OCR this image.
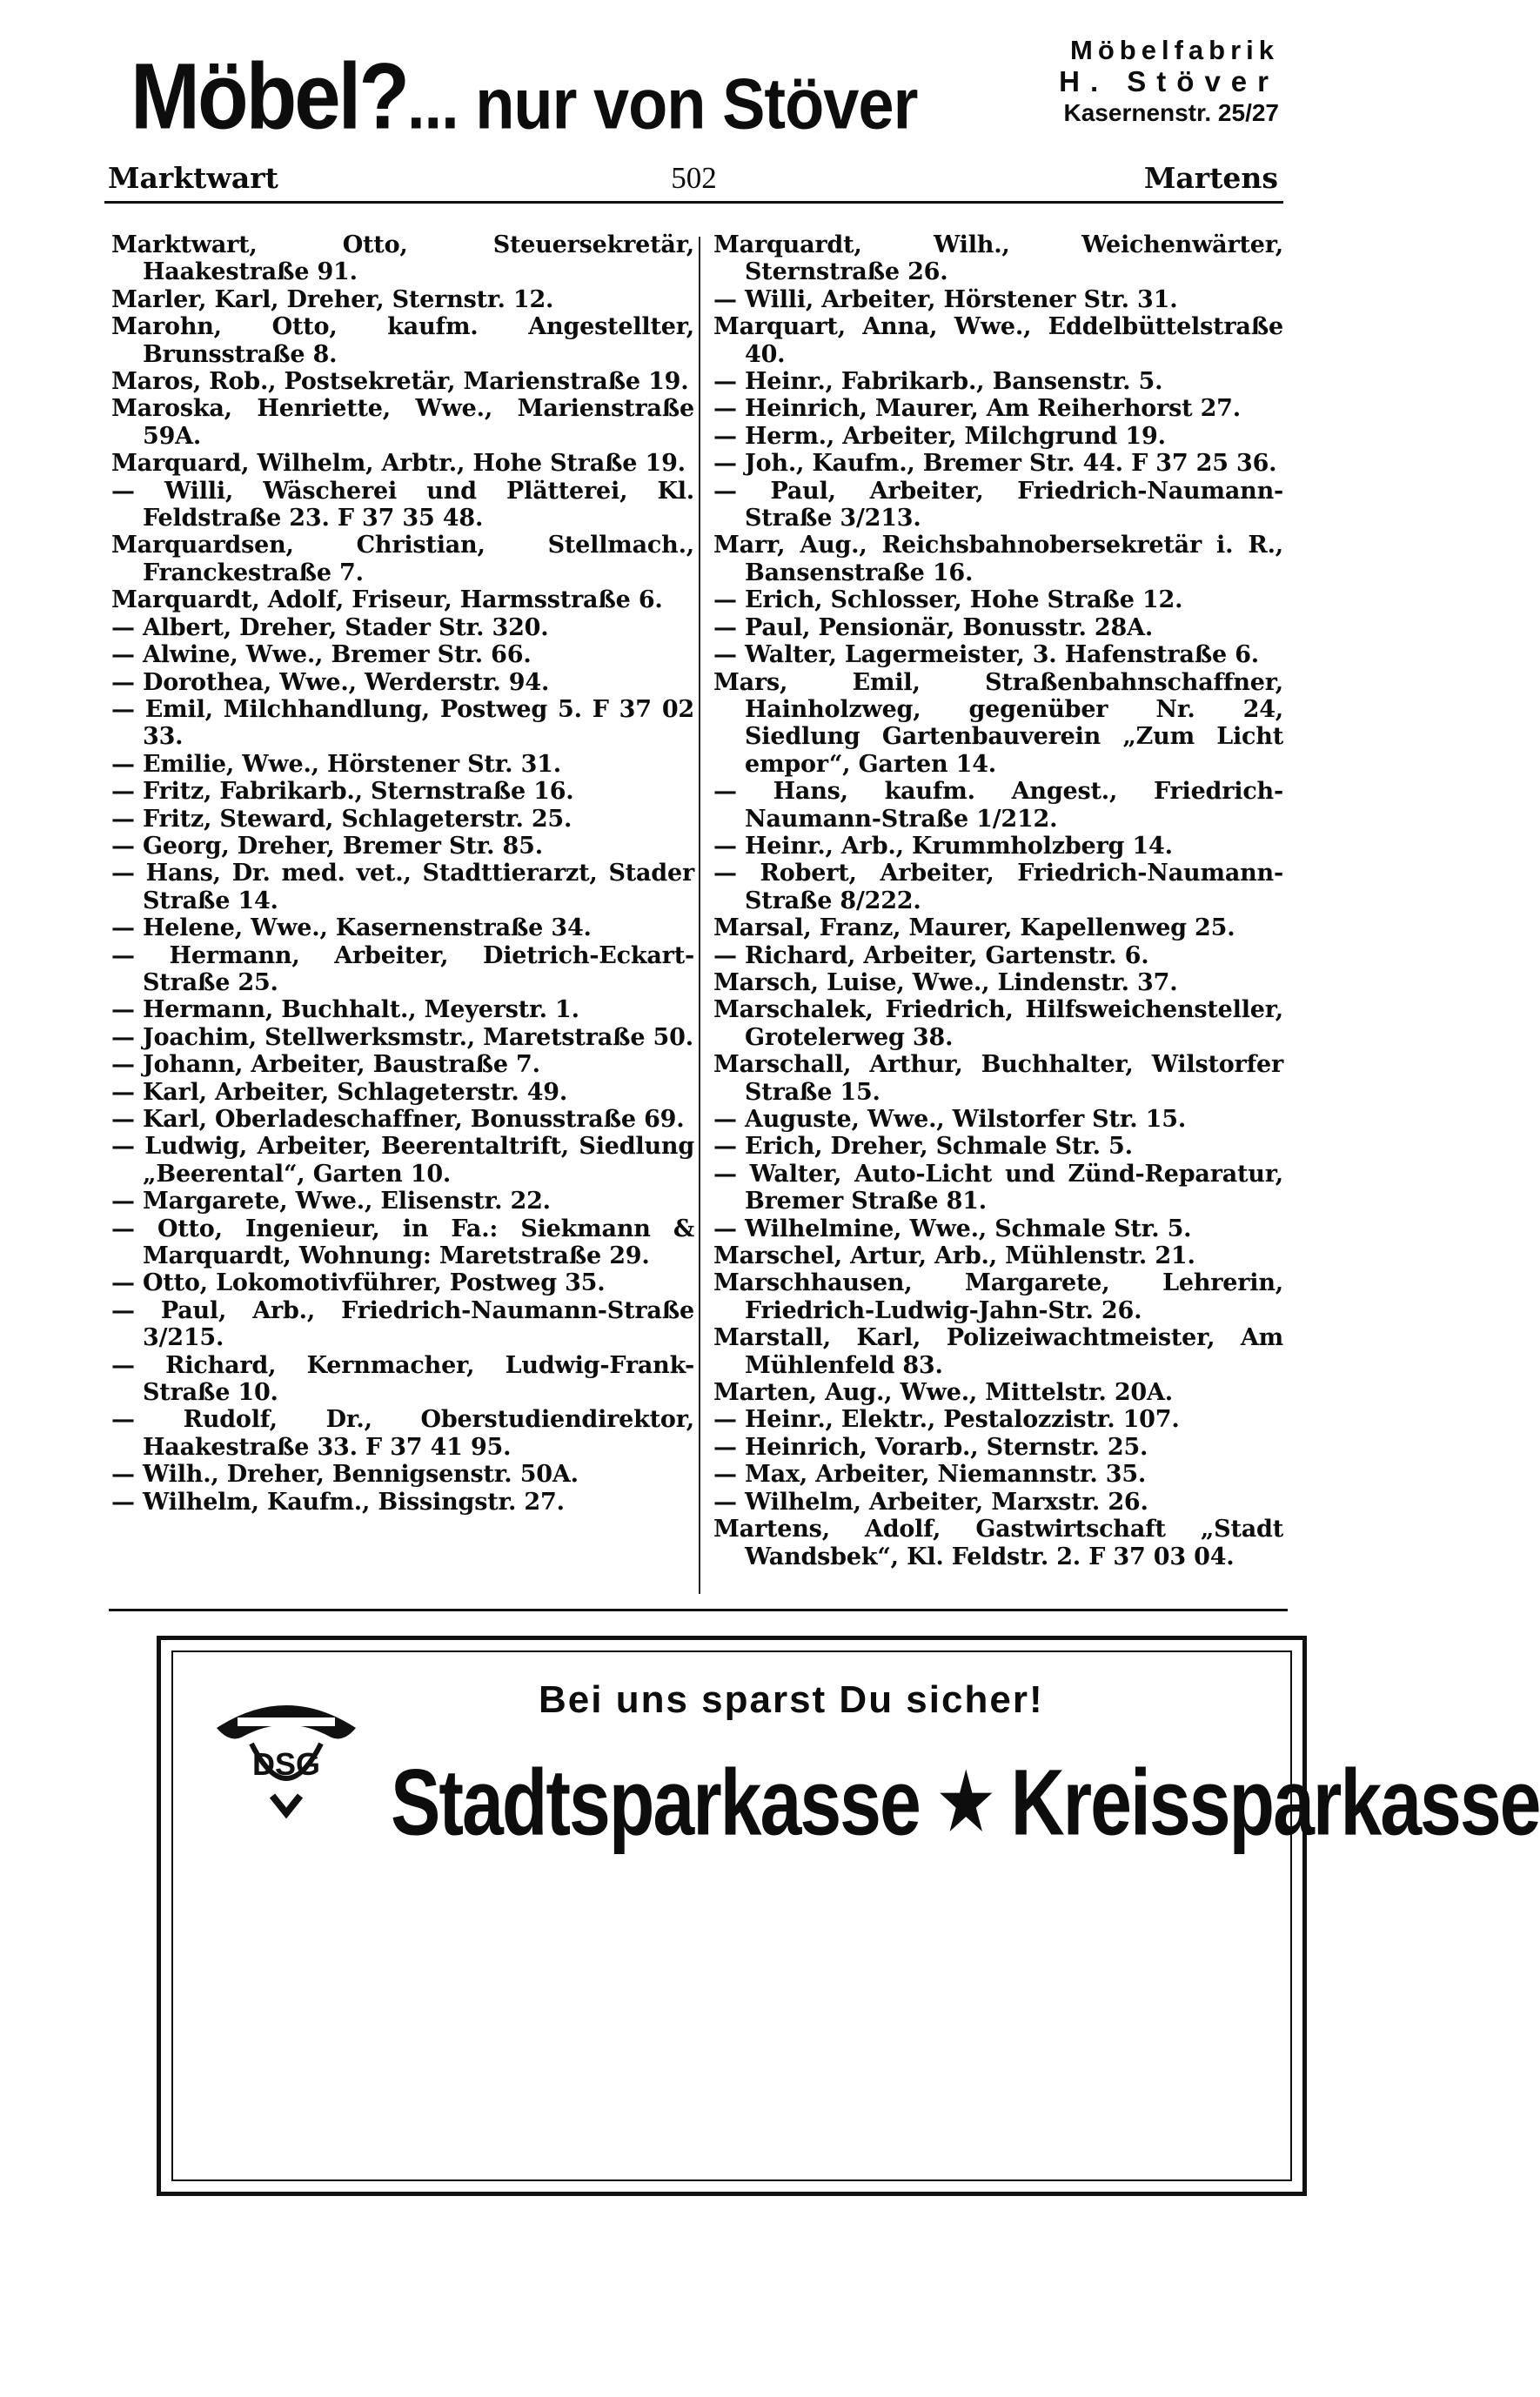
Möbel?... nur von Stöver
Möbelfabrik
H. Stöver
Kasernenstr. 25/27
502
Marktwart	Martens
Marktwart, Otto, Steuersekretär, Haakestraße 91.
Marler, Karl, Dreher, Sternstr. 12.
Marohn, Otto, kaufm. Angestellter, Brunsstraße 8.
Maros, Rob., Postsekretär, Marienstraße 19.
Maroska, Henriette, Wwe., Marienstraße 59A.
Marquard, Wilhelm, Arbtr., Hohe Straße 19.
— Willi, Wäscherei und Plätterei, Kl. Feldstraße 23. F 37 35 48.
Marquardsen, Christian, Stellmach., Franckestraße 7.
Marquardt, Adolf, Friseur, Harmsstraße 6.
— Albert, Dreher, Stader Str. 320.
— Alwine, Wwe., Bremer Str. 66.
— Dorothea, Wwe., Werderstr. 94.
— Emil, Milchhandlung, Postweg 5. F 37 02 33.
— Emilie, Wwe., Hörstener Str. 31.
— Fritz, Fabrikarb., Sternstraße 16.
— Fritz, Steward, Schlageterstr. 25.
— Georg, Dreher, Bremer Str. 85.
— Hans, Dr. med. vet., Stadttierarzt, Stader Straße 14.
— Helene, Wwe., Kasernenstraße 34.
— Hermann, Arbeiter, Dietrich-Eckart-Straße 25.
— Hermann, Buchhalt., Meyerstr. 1.
— Joachim, Stellwerksmstr., Maretstraße 50.
— Johann, Arbeiter, Baustraße 7.
— Karl, Arbeiter, Schlageterstr. 49.
— Karl, Oberladeschaffner, Bonusstraße 69.
— Ludwig, Arbeiter, Beerentaltrift, Siedlung „Beerental“, Garten 10.
— Margarete, Wwe., Elisenstr. 22.
— Otto, Ingenieur, in Fa.: Siekmann & Marquardt, Wohnung: Maretstraße 29.
— Otto, Lokomotivführer, Postweg 35.
— Paul, Arb., Friedrich-Naumann-Straße 3/215.
— Richard, Kernmacher, Ludwig-Frank-Straße 10.
— Rudolf, Dr., Oberstudiendirektor, Haakestraße 33. F 37 41 95.
— Wilh., Dreher, Bennigsenstr. 50A.
— Wilhelm, Kaufm., Bissingstr. 27.
Marquardt, Wilh., Weichenwärter, Sternstraße 26.
— Willi, Arbeiter, Hörstener Str. 31.
Marquart, Anna, Wwe., Eddelbüttelstraße 40.
— Heinr., Fabrikarb., Bansenstr. 5.
— Heinrich, Maurer, Am Reiherhorst 27.
— Herm., Arbeiter, Milchgrund 19.
— Joh., Kaufm., Bremer Str. 44. F 37 25 36.
— Paul, Arbeiter, Friedrich-Naumann-Straße 3/213.
Marr, Aug., Reichsbahnobersekretär i. R., Bansenstraße 16.
— Erich, Schlosser, Hohe Straße 12.
— Paul, Pensionär, Bonusstr. 28A.
— Walter, Lagermeister, 3. Hafenstraße 6.
Mars, Emil, Straßenbahnschaffner, Hainholzweg, gegenüber Nr. 24, Siedlung Gartenbauverein „Zum Licht empor“, Garten 14.
— Hans, kaufm. Angest., Friedrich-Naumann-Straße 1/212.
— Heinr., Arb., Krummholzberg 14.
— Robert, Arbeiter, Friedrich-Naumann-Straße 8/222.
Marsal, Franz, Maurer, Kapellenweg 25.
— Richard, Arbeiter, Gartenstr. 6.
Marsch, Luise, Wwe., Lindenstr. 37.
Marschalek, Friedrich, Hilfsweichensteller, Grotelerweg 38.
Marschall, Arthur, Buchhalter, Wilstorfer Straße 15.
— Auguste, Wwe., Wilstorfer Str. 15.
— Erich, Dreher, Schmale Str. 5.
— Walter, Auto-Licht und Zünd-Reparatur, Bremer Straße 81.
— Wilhelmine, Wwe., Schmale Str. 5.
Marschel, Artur, Arb., Mühlenstr. 21.
Marschhausen, Margarete, Lehrerin, Friedrich-Ludwig-Jahn-Str. 26.
Marstall, Karl, Polizeiwachtmeister, Am Mühlenfeld 83.
Marten, Aug., Wwe., Mittelstr. 20A.
— Heinr., Elektr., Pestalozzistr. 107.
— Heinrich, Vorarb., Sternstr. 25.
— Max, Arbeiter, Niemannstr. 35.
— Wilhelm, Arbeiter, Marxstr. 26.
Martens, Adolf, Gastwirtschaft „Stadt Wandsbek“, Kl. Feldstr. 2. F 37 03 04.
DSG
Bei uns sparst Du sicher!
Stadtsparkasse ★ Kreissparkasse
